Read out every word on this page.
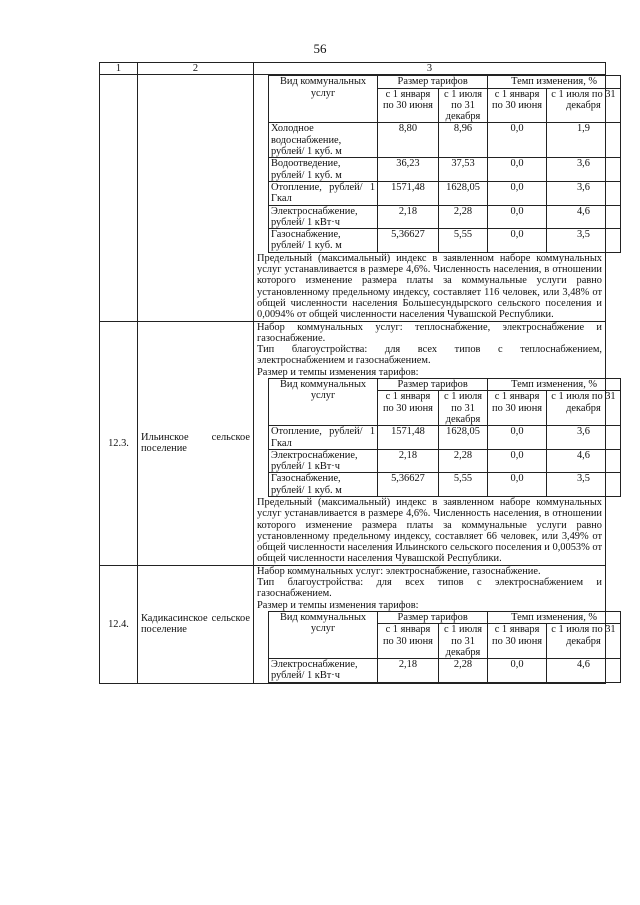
56
1	2	3

Вид коммунальных услуг	Размер тарифов	Темп изменения, %
с 1 января по 30 июня	с 1 июля по 31 декабря	с 1 января по 30 июня	с 1 июля по 31 декабря
Холодное водоснабжение, рублей/ 1 куб. м	8,80	8,96	0,0	1,9
Водоотведение, рублей/ 1 куб. м	36,23	37,53	0,0	3,6
Отопление, рублей/ 1 Гкал	1571,48	1628,05	0,0	3,6
Электроснабжение, рублей/ 1 кВт·ч	2,18	2,28	0,0	4,6
Газоснабжение, рублей/ 1 куб. м	5,36627	5,55	0,0	3,5
Предельный (максимальный) индекс в заявленном наборе коммунальных услуг устанавливается в размере 4,6%. Численность населения, в отношении которого изменение размера платы за коммунальные услуги равно установленному предельному индексу, составляет 116 человек, или 3,48% от общей численности населения Большесундырского сельского поселения и 0,0094% от общей численности населения Чувашской Республики.

12.3.	Ильинское сельское поселение	
Набор коммунальных услуг: теплоснабжение, электроснабжение и газоснабжение.
Тип благоустройства: для всех типов с теплоснабжением, электроснабжением и газоснабжением.
Размер и темпы изменения тарифов:
Вид коммунальных услуг	Размер тарифов	Темп изменения, %
с 1 января по 30 июня	с 1 июля по 31 декабря	с 1 января по 30 июня	с 1 июля по 31 декабря
Отопление, рублей/ 1 Гкал	1571,48	1628,05	0,0	3,6
Электроснабжение, рублей/ 1 кВт·ч	2,18	2,28	0,0	4,6
Газоснабжение, рублей/ 1 куб. м	5,36627	5,55	0,0	3,5
Предельный (максимальный) индекс в заявленном наборе коммунальных услуг устанавливается в размере 4,6%. Численность населения, в отношении которого изменение размера платы за коммунальные услуги равно установленному предельному индексу, составляет 66 человек, или 3,49% от общей численности населения Ильинского сельского поселения и 0,0053% от общей численности населения Чувашской Республики.

12.4.	Кадикасинское сельское поселение	
Набор коммунальных услуг: электроснабжение, газоснабжение.
Тип благоустройства: для всех типов с электроснабжением и газоснабжением.
Размер и темпы изменения тарифов:
Вид коммунальных услуг	Размер тарифов	Темп изменения, %
с 1 января по 30 июня	с 1 июля по 31 декабря	с 1 января по 30 июня	с 1 июля по 31 декабря
Электроснабжение, рублей/ 1 кВт·ч	2,18	2,28	0,0	4,6
